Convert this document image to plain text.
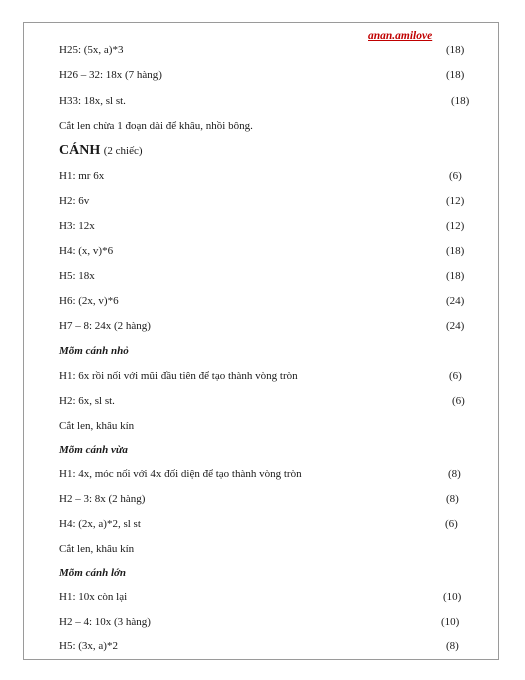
anan.amilove
H25: (5x, a)*3	(18)
H26 – 32: 18x (7 hàng)	(18)
H33: 18x, sl st.	(18)
Cắt len chừa 1 đoạn dài để khâu, nhồi bông.
CÁNH (2 chiếc)
H1: mr 6x	(6)
H2: 6v	(12)
H3: 12x	(12)
H4: (x, v)*6	(18)
H5: 18x	(18)
H6: (2x, v)*6	(24)
H7 – 8: 24x (2 hàng)	(24)
Mõm cánh nhỏ
H1: 6x rồi nối với mũi đầu tiên để tạo thành vòng tròn	(6)
H2: 6x, sl st.	(6)
Cắt len, khâu kín
Mõm cánh vừa
H1: 4x, móc nối với 4x đối diện để tạo thành vòng tròn	(8)
H2 – 3: 8x (2 hàng)	(8)
H4: (2x, a)*2, sl st	(6)
Cắt len, khâu kín
Mõm cánh lớn
H1: 10x còn lại	(10)
H2 – 4: 10x (3 hàng)	(10)
H5: (3x, a)*2	(8)
